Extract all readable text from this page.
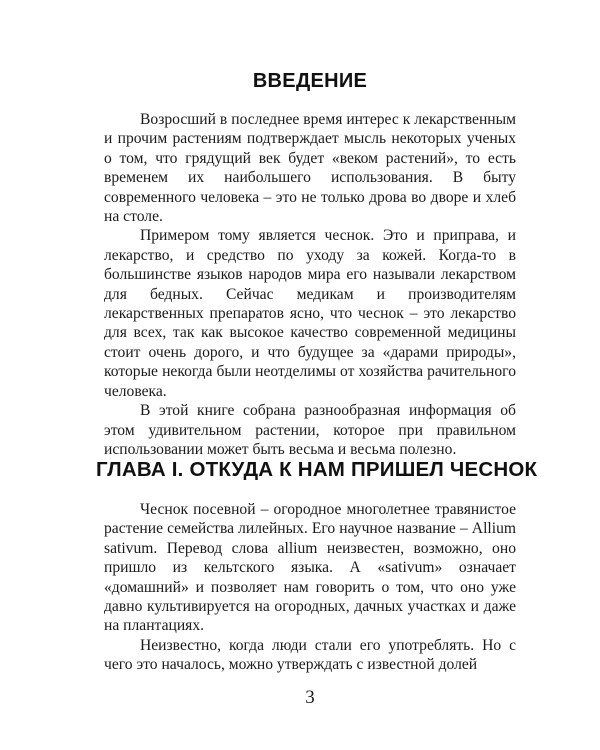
ВВЕДЕНИЕ

Возросший в последнее время интерес к лекарственным и прочим растениям подтверждает мысль некоторых ученых о том, что грядущий век будет «веком растений», то есть временем их наибольшего использования. В быту современного человека – это не только дрова во дворе и хлеб на столе.

Примером тому является чеснок. Это и приправа, и лекарство, и средство по уходу за кожей. Когда-то в большинстве языков народов мира его называли лекарством для бедных. Сейчас медикам и производителям лекарственных препаратов ясно, что чеснок – это лекарство для всех, так как высокое качество современной медицины стоит очень дорого, и что будущее за «дарами природы», которые некогда были неотделимы от хозяйства рачительного человека.

В этой книге собрана разнообразная информация об этом удивительном растении, которое при правильном использовании может быть весьма и весьма полезно.

ГЛАВА I. ОТКУДА К НАМ ПРИШЕЛ ЧЕСНОК

Чеснок посевной – огородное многолетнее травянистое растение семейства лилейных. Его научное название – Allium sativum. Перевод слова allium неизвестен, возможно, оно пришло из кельтского языка. А «sativum» означает «домашний» и позволяет нам говорить о том, что оно уже давно культивируется на огородных, дачных участках и даже на плантациях.

Неизвестно, когда люди стали его употреблять. Но с чего это началось, можно утверждать с известной долей

3
